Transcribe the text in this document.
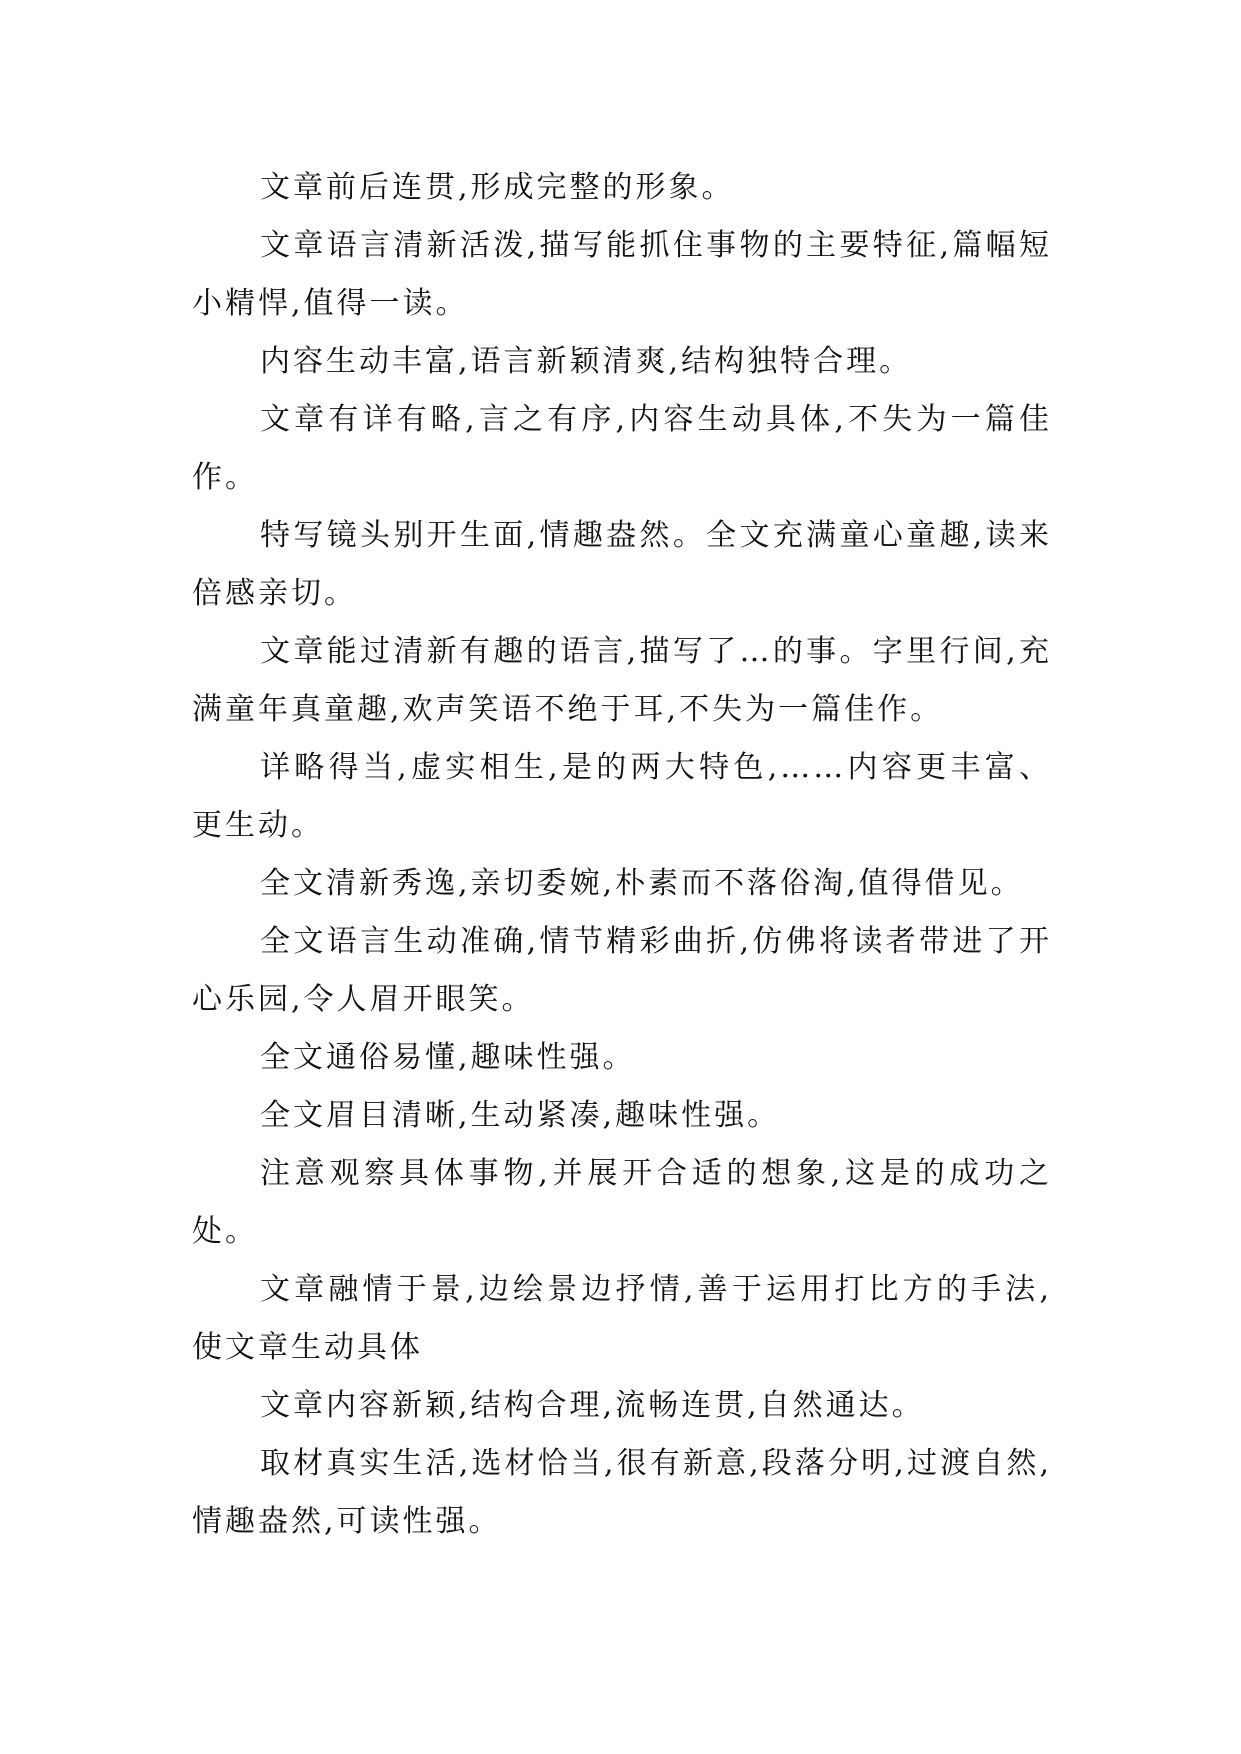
文章前后连贯,形成完整的形象。

文章语言清新活泼,描写能抓住事物的主要特征,篇幅短小精悍,值得一读。

内容生动丰富,语言新颖清爽,结构独特合理。

文章有详有略,言之有序,内容生动具体,不失为一篇佳作。

特写镜头别开生面,情趣盎然。全文充满童心童趣,读来倍感亲切。

文章能过清新有趣的语言,描写了…的事。字里行间,充满童年真童趣,欢声笑语不绝于耳,不失为一篇佳作。

详略得当,虚实相生,是的两大特色,……内容更丰富、更生动。

全文清新秀逸,亲切委婉,朴素而不落俗淘,值得借见。

全文语言生动准确,情节精彩曲折,仿佛将读者带进了开心乐园,令人眉开眼笑。

全文通俗易懂,趣味性强。

全文眉目清晰,生动紧凑,趣味性强。

注意观察具体事物,并展开合适的想象,这是的成功之处。

文章融情于景,边绘景边抒情,善于运用打比方的手法,使文章生动具体

文章内容新颖,结构合理,流畅连贯,自然通达。

取材真实生活,选材恰当,很有新意,段落分明,过渡自然,情趣盎然,可读性强。
